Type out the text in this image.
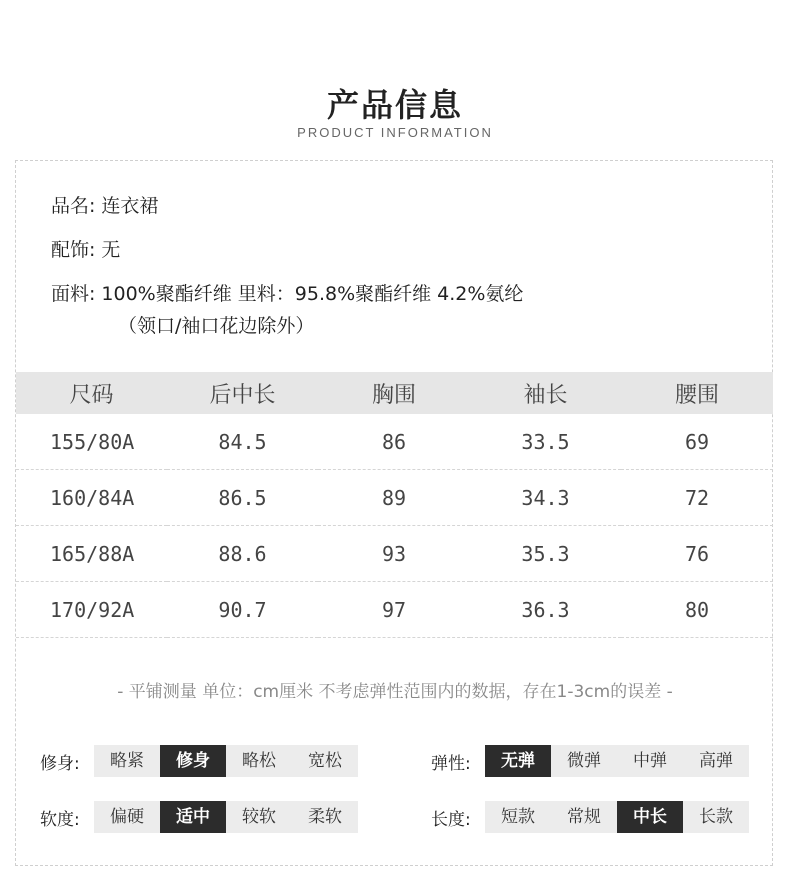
产品信息
PRODUCT INFORMATION
品名: 连衣裙
配饰: 无
面料: 100%聚酯纤维 里料：95.8%聚酯纤维 4.2%氨纶
（领口/袖口花边除外）
尺码	后中长	胸围	袖长	腰围
155/80A	84.5	86	33.5	69
160/84A	86.5	89	34.3	72
165/88A	88.6	93	35.3	76
170/92A	90.7	97	36.3	80
- 平铺测量 单位：cm厘米 不考虑弹性范围内的数据，存在1-3cm的误差 -
修身:	略紧	修身	略松	宽松	弹性:	无弹	微弹	中弹	高弹
软度:	偏硬	适中	较软	柔软	长度:	短款	常规	中长	长款
